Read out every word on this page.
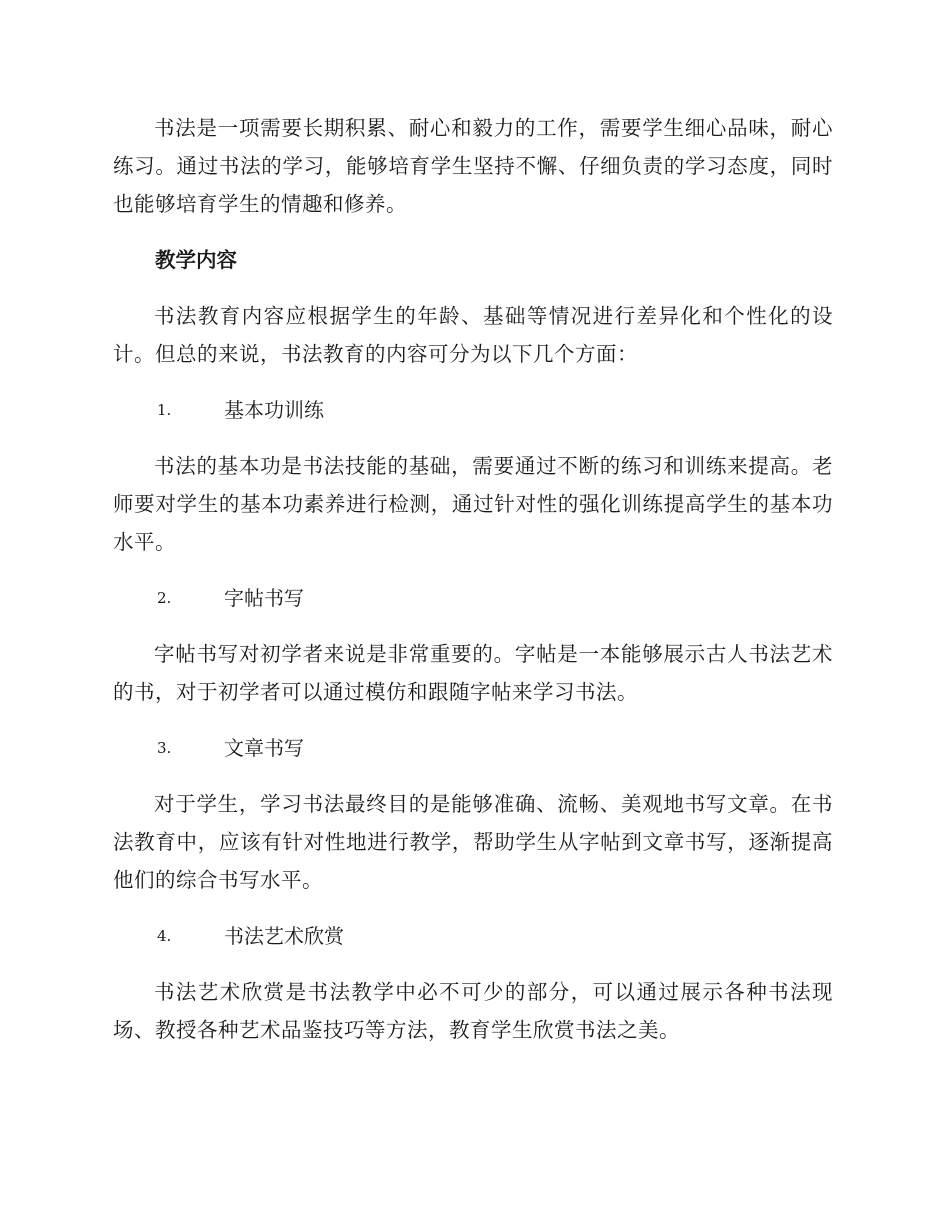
书法是一项需要长期积累、耐心和毅力的工作，需要学生细心品味，耐心练习。通过书法的学习，能够培育学生坚持不懈、仔细负责的学习态度，同时也能够培育学生的情趣和修养。

教学内容

书法教育内容应根据学生的年龄、基础等情况进行差异化和个性化的设计。但总的来说，书法教育的内容可分为以下几个方面：

1.	基本功训练

书法的基本功是书法技能的基础，需要通过不断的练习和训练来提高。老师要对学生的基本功素养进行检测，通过针对性的强化训练提高学生的基本功水平。

2.	字帖书写

字帖书写对初学者来说是非常重要的。字帖是一本能够展示古人书法艺术的书，对于初学者可以通过模仿和跟随字帖来学习书法。

3.	文章书写

对于学生，学习书法最终目的是能够准确、流畅、美观地书写文章。在书法教育中，应该有针对性地进行教学，帮助学生从字帖到文章书写，逐渐提高他们的综合书写水平。

4.	书法艺术欣赏

书法艺术欣赏是书法教学中必不可少的部分，可以通过展示各种书法现场、教授各种艺术品鉴技巧等方法，教育学生欣赏书法之美。
